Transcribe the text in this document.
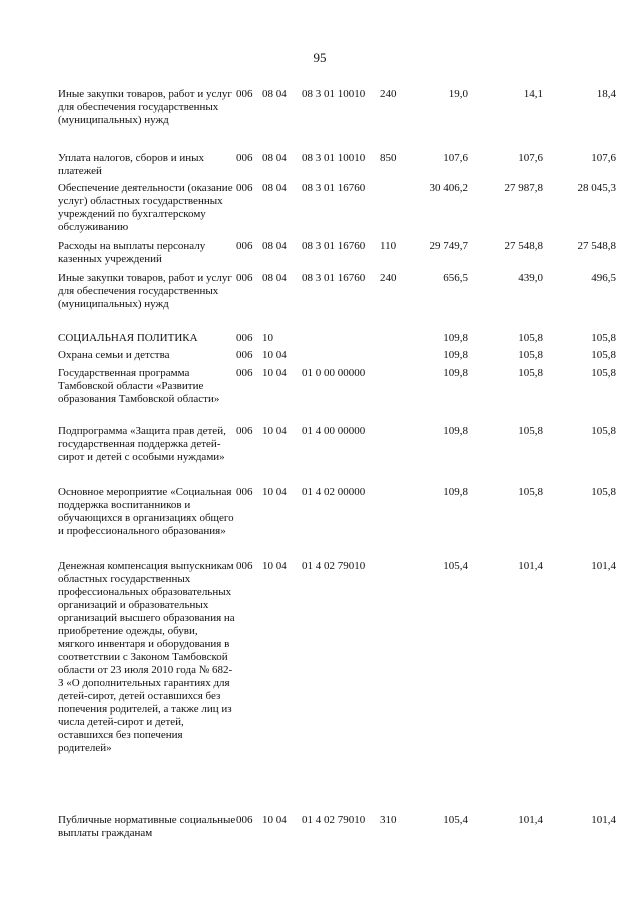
95
Иные закупки товаров, работ и услуг для обеспечения государственных (муниципальных) нужд
006 08 04 08 3 01 10010 240	19,0	14,1	18,4
Уплата налогов, сборов и иных платежей
006 08 04 08 3 01 10010 850	107,6	107,6	107,6
Обеспечение деятельности (оказание услуг) областных государственных учреждений по бухгалтерскому обслуживанию
006 08 04 08 3 01 16760	30 406,2	27 987,8	28 045,3
Расходы на выплаты персоналу казенных учреждений
006 08 04 08 3 01 16760 110	29 749,7	27 548,8	27 548,8
Иные закупки товаров, работ и услуг для обеспечения государственных (муниципальных) нужд
006 08 04 08 3 01 16760 240	656,5	439,0	496,5
СОЦИАЛЬНАЯ ПОЛИТИКА	006 10	109,8	105,8	105,8
Охрана семьи и детства	006 10 04	109,8	105,8	105,8
Государственная программа Тамбовской области «Развитие образования Тамбовской области»
006 10 04 01 0 00 00000	109,8	105,8	105,8
Подпрограмма «Защита прав детей, государственная поддержка детей-сирот и детей с особыми нуждами»
006 10 04 01 4 00 00000	109,8	105,8	105,8
Основное мероприятие «Социальная поддержка воспитанников и обучающихся в организациях общего и профессионального образования»
006 10 04 01 4 02 00000	109,8	105,8	105,8
Денежная компенсация выпускникам областных государственных профессиональных образовательных организаций и образовательных организаций высшего образования на приобретение одежды, обуви, мягкого инвентаря и оборудования в соответствии с Законом Тамбовской области от 23 июля 2010 года № 682-З «О дополнительных гарантиях для детей-сирот, детей оставшихся без попечения родителей, а также лиц из числа детей-сирот и детей, оставшихся без попечения родителей»
006 10 04 01 4 02 79010	105,4	101,4	101,4
Публичные нормативные социальные выплаты гражданам
006 10 04 01 4 02 79010 310	105,4	101,4	101,4
